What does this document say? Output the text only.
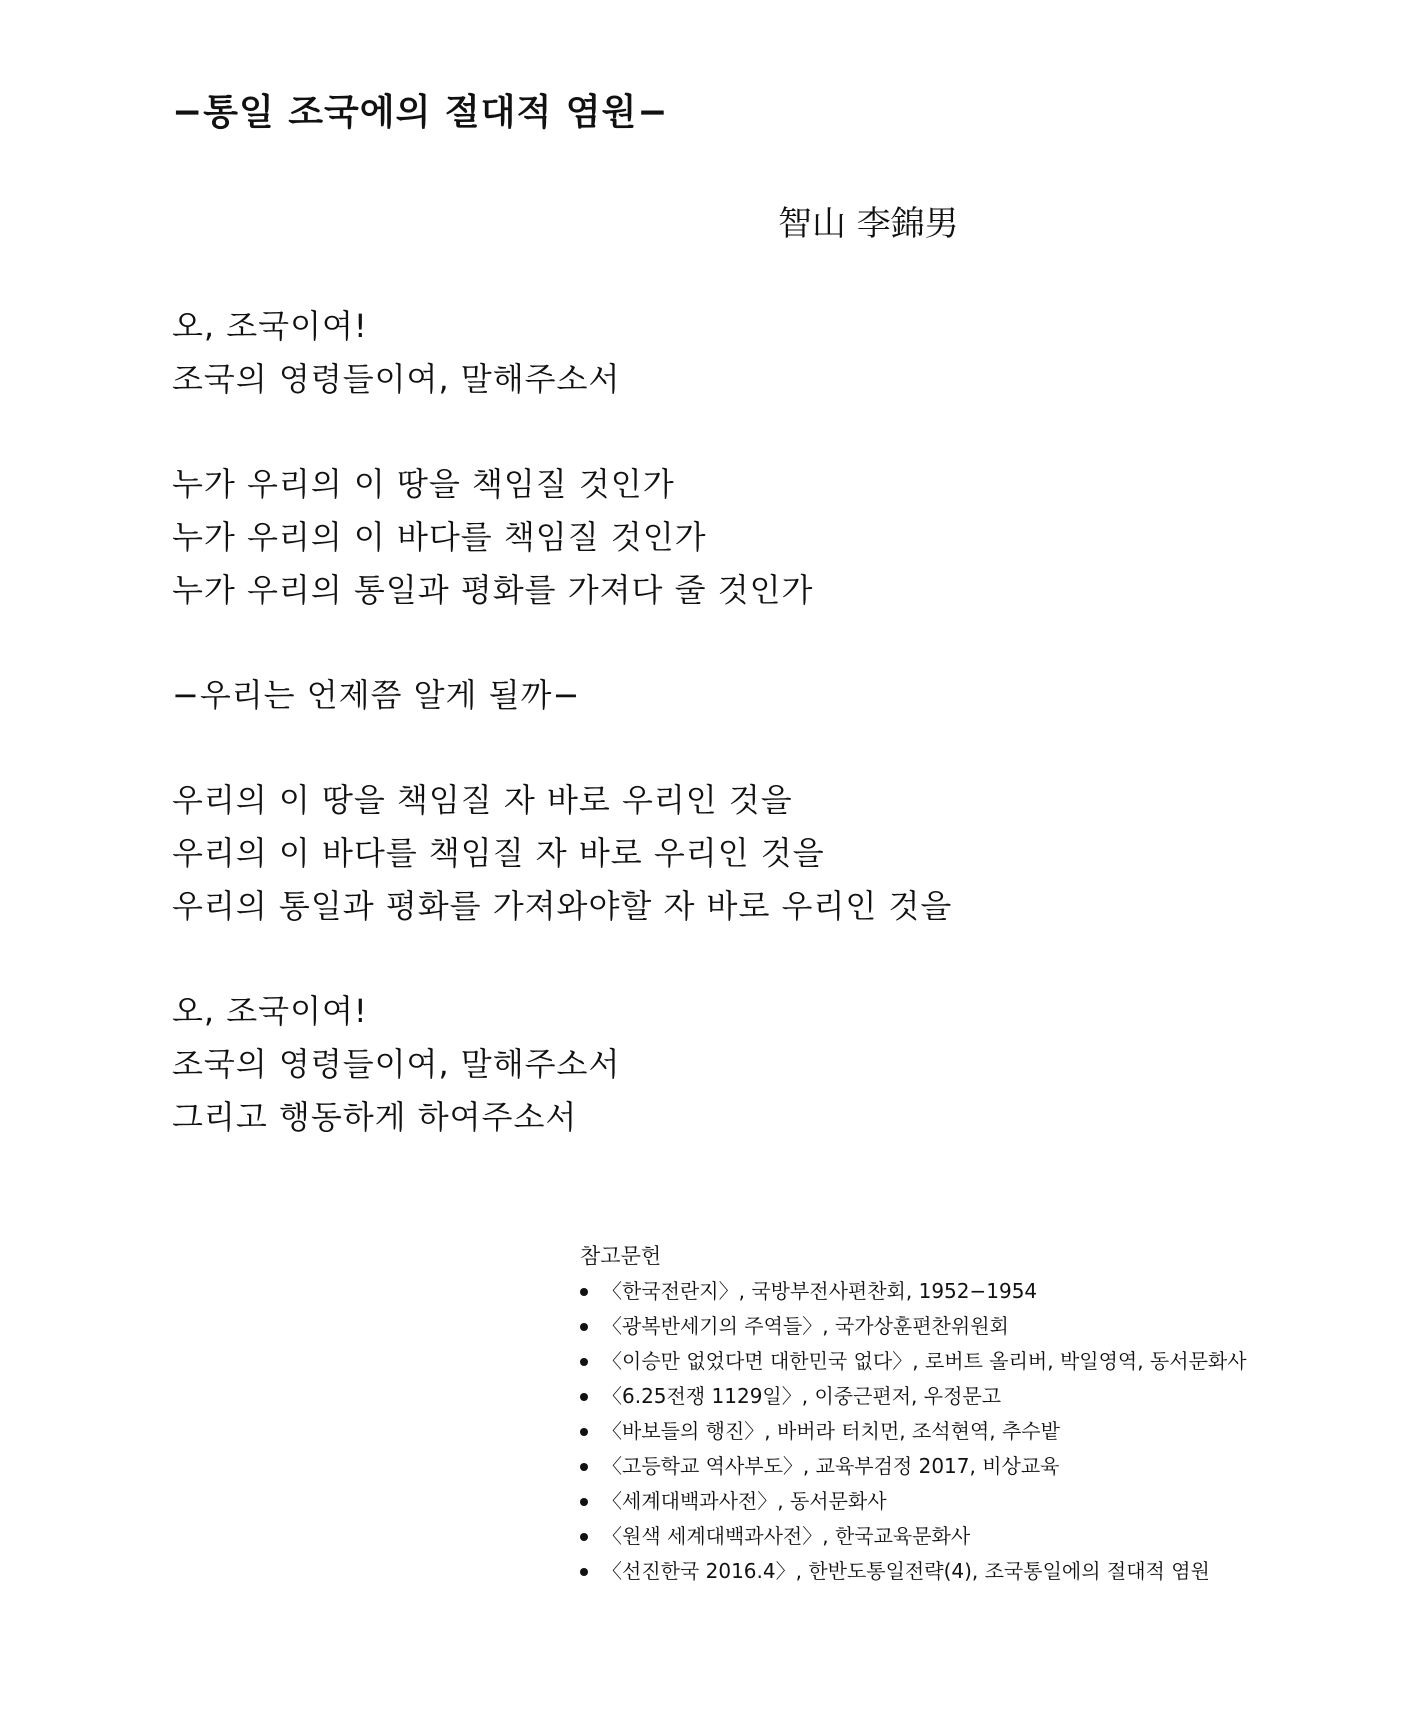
−통일 조국에의 절대적 염원−
智山 李錦男
오, 조국이여!
조국의 영령들이여, 말해주소서
누가 우리의 이 땅을 책임질 것인가
누가 우리의 이 바다를 책임질 것인가
누가 우리의 통일과 평화를 가져다 줄 것인가
−우리는 언제쯤 알게 될까−
우리의 이 땅을 책임질 자 바로 우리인 것을
우리의 이 바다를 책임질 자 바로 우리인 것을
우리의 통일과 평화를 가져와야할 자 바로 우리인 것을
오, 조국이여!
조국의 영령들이여, 말해주소서
그리고 행동하게 하여주소서
참고문헌
〈한국전란지〉, 국방부전사편찬회, 1952−1954
〈광복반세기의 주역들〉, 국가상훈편찬위원회
〈이승만 없었다면 대한민국 없다〉, 로버트 올리버, 박일영역, 동서문화사
〈6.25전쟁 1129일〉, 이중근편저, 우정문고
〈바보들의 행진〉, 바버라 터치먼, 조석현역, 추수밭
〈고등학교 역사부도〉, 교육부검정 2017, 비상교육
〈세계대백과사전〉, 동서문화사
〈원색 세계대백과사전〉, 한국교육문화사
〈선진한국 2016.4〉, 한반도통일전략(4), 조국통일에의 절대적 염원
